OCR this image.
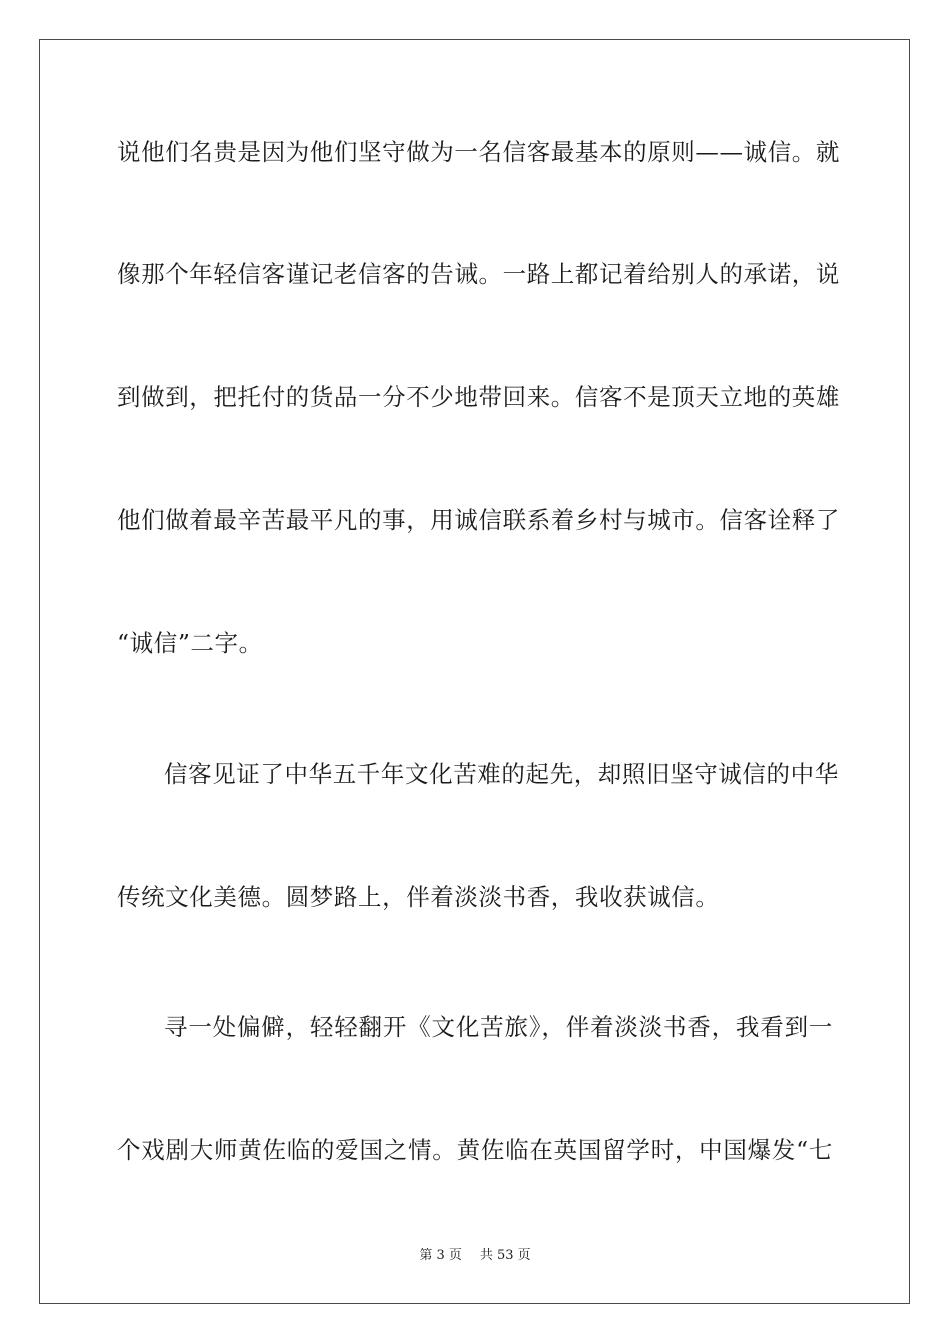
说他们名贵是因为他们坚守做为一名信客最基本的原则——诚信。就
像那个年轻信客谨记老信客的告诫。一路上都记着给别人的承诺，说
到做到，把托付的货品一分不少地带回来。信客不是顶天立地的英雄
他们做着最辛苦最平凡的事，用诚信联系着乡村与城市。信客诠释了
“诚信”二字。
信客见证了中华五千年文化苦难的起先，却照旧坚守诚信的中华
传统文化美德。圆梦路上，伴着淡淡书香，我收获诚信。
寻一处偏僻，轻轻翻开《文化苦旅》，伴着淡淡书香，我看到一
个戏剧大师黄佐临的爱国之情。黄佐临在英国留学时，中国爆发“七
第 3 页 共 53 页
